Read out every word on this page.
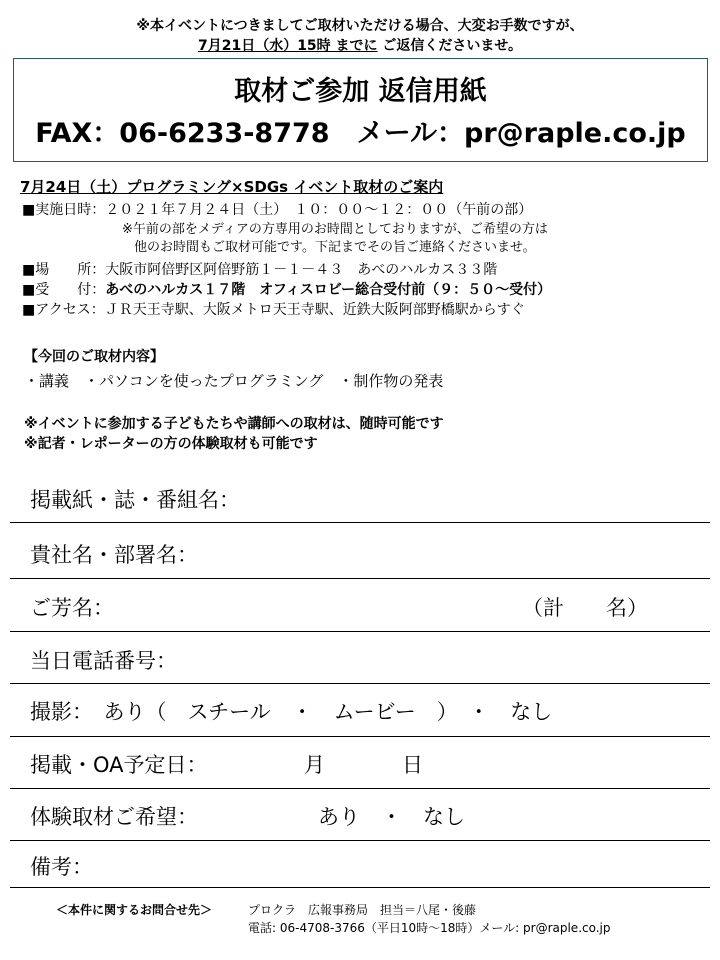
※本イベントにつきましてご取材いただける場合、大変お手数ですが、
7月21日（水）15時 までに ご返信くださいませ。
取材ご参加 返信用紙
FAX：06-6233-8778　メール：pr@raple.co.jp
7月24日（土）プログラミング×SDGs イベント取材のご案内
■実施日時：２０２１年７月２４日（土）　１０：００～１２：００（午前の部）
※午前の部をメディアの方専用のお時間としておりますが、ご希望の方は
他のお時間もご取材可能です。下記までその旨ご連絡くださいませ。
■場　　所：大阪市阿倍野区阿倍野筋１－１－４３　あべのハルカス３３階
■受　　付：あべのハルカス１７階　オフィスロビー総合受付前（９：５０～受付）
■アクセス：ＪＲ天王寺駅、大阪メトロ天王寺駅、近鉄大阪阿部野橋駅からすぐ
【今回のご取材内容】
・講義　・パソコンを使ったプログラミング　・制作物の発表
※イベントに参加する子どもたちや講師への取材は、随時可能です
※記者・レポーターの方の体験取材も可能です
掲載紙・誌・番組名：
貴社名・部署名：
ご芳名：	（計　　名）
当日電話番号：
撮影：　あり（　スチール　・　ムービー　）　・　なし
掲載・OA予定日：	月	日
体験取材ご希望：	あり　・　なし
備考：
＜本件に関するお問合せ先＞	プロクラ　広報事務局　担当＝八尾・後藤
電話: 06-4708-3766（平日10時〜18時）メール: pr@raple.co.jp
